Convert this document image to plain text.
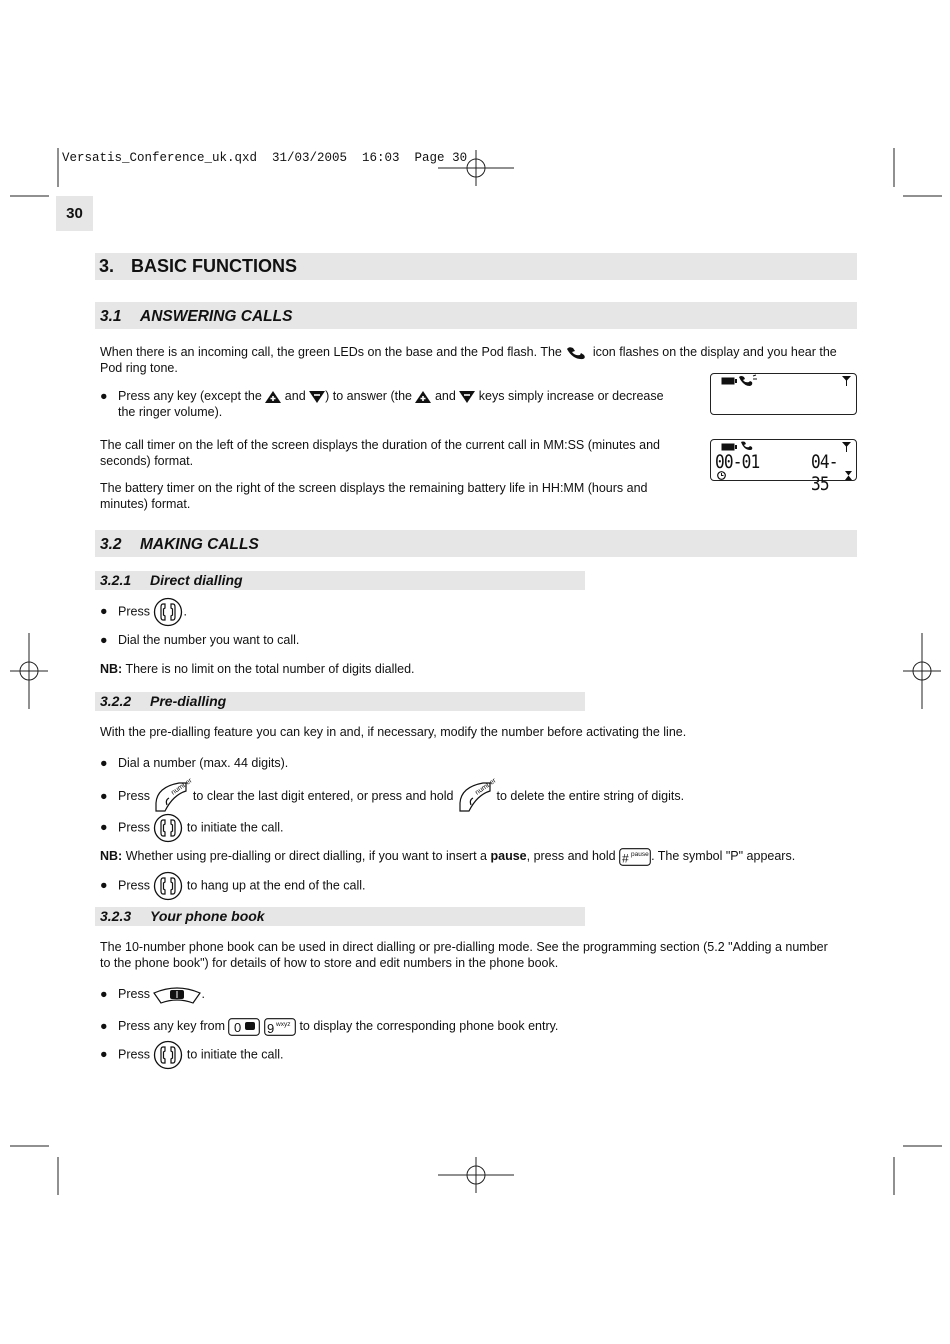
Versatis_Conference_uk.qxd  31/03/2005  16:03  Page 30
30
3. BASIC FUNCTIONS
3.1 ANSWERING CALLS
When there is an incoming call, the green LEDs on the base and the Pod flash. The icon flashes on the display and you hear the
Pod ring tone.
● Press any key (except the and ) to answer (the and keys simply increase or decrease
the ringer volume).
The call timer on the left of the screen displays the duration of the current call in MM:SS (minutes and
seconds) format.	00-01	04-35
The battery timer on the right of the screen displays the remaining battery life in HH:MM (hours and
minutes) format.
3.2 MAKING CALLS
3.2.1 Direct dialling
● Press	.
● Dial the number you want to call.
NB: There is no limit on the total number of digits dialled.
3.2.2 Pre-dialling
With the pre-dialling feature you can key in and, if necessary, modify the number before activating the line.
● Dial a number (max. 44 digits).
● Press	number
to clear the last digit entered, or press and hold	number
to delete the entire string of digits.
● Press	to initiate the call.
NB: Whether using pre-dialling or direct dialling, if you want to insert a pause, press and hold # pause . The symbol "P" appears.
● Press	to hang up at the end of the call.
3.2.3 Your phone book
The 10-number phone book can be used in direct dialling or pre-dialling mode. See the programming section (5.2 "Adding a number
to the phone book") for details of how to store and edit numbers in the phone book.
● Press	.
● Press any key from 0
9 wxyz to display the corresponding phone book entry.
● Press	to initiate the call.
